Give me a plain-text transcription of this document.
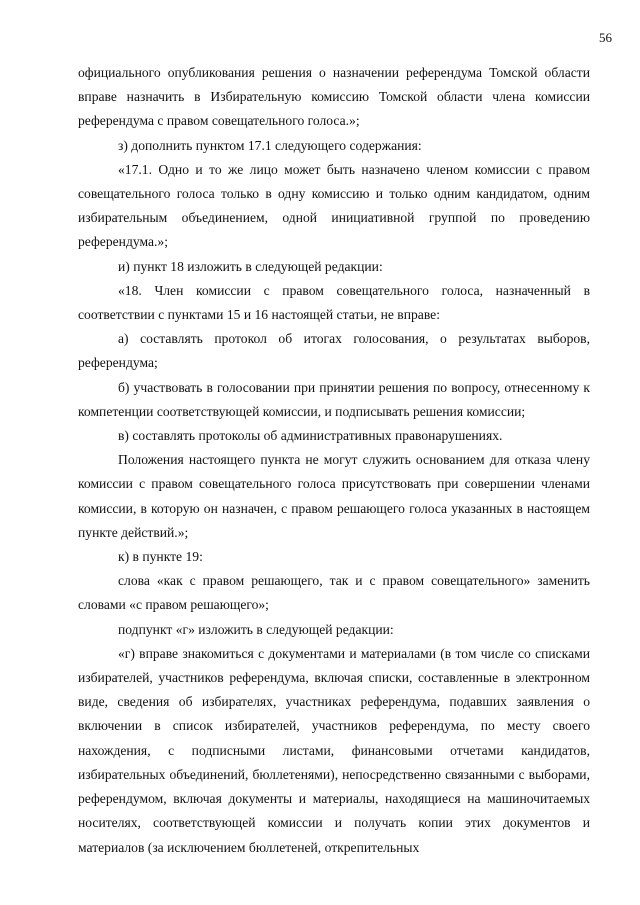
56

официального опубликования решения о назначении референдума Томской области вправе назначить в Избирательную комиссию Томской области члена комиссии референдума с правом совещательного голоса.»;

з) дополнить пунктом 17.1 следующего содержания:

«17.1. Одно и то же лицо может быть назначено членом комиссии с правом совещательного голоса только в одну комиссию и только одним кандидатом, одним избирательным объединением, одной инициативной группой по проведению референдума.»;

и) пункт 18 изложить в следующей редакции:

«18. Член комиссии с правом совещательного голоса, назначенный в соответствии с пунктами 15 и 16 настоящей статьи, не вправе:

а) составлять протокол об итогах голосования, о результатах выборов, референдума;

б) участвовать в голосовании при принятии решения по вопросу, отнесенному к компетенции соответствующей комиссии, и подписывать решения комиссии;

в) составлять протоколы об административных правонарушениях.

Положения настоящего пункта не могут служить основанием для отказа члену комиссии с правом совещательного голоса присутствовать при совершении членами комиссии, в которую он назначен, с правом решающего голоса указанных в настоящем пункте действий.»;

к) в пункте 19:

слова «как с правом решающего, так и с правом совещательного» заменить словами «с правом решающего»;

подпункт «г» изложить в следующей редакции:

«г) вправе знакомиться с документами и материалами (в том числе со списками избирателей, участников референдума, включая списки, составленные в электронном виде, сведения об избирателях, участниках референдума, подавших заявления о включении в список избирателей, участников референдума, по месту своего нахождения, с подписными листами, финансовыми отчетами кандидатов, избирательных объединений, бюллетенями), непосредственно связанными с выборами, референдумом, включая документы и материалы, находящиеся на машиночитаемых носителях, соответствующей комиссии и получать копии этих документов и материалов (за исключением бюллетеней, открепительных
